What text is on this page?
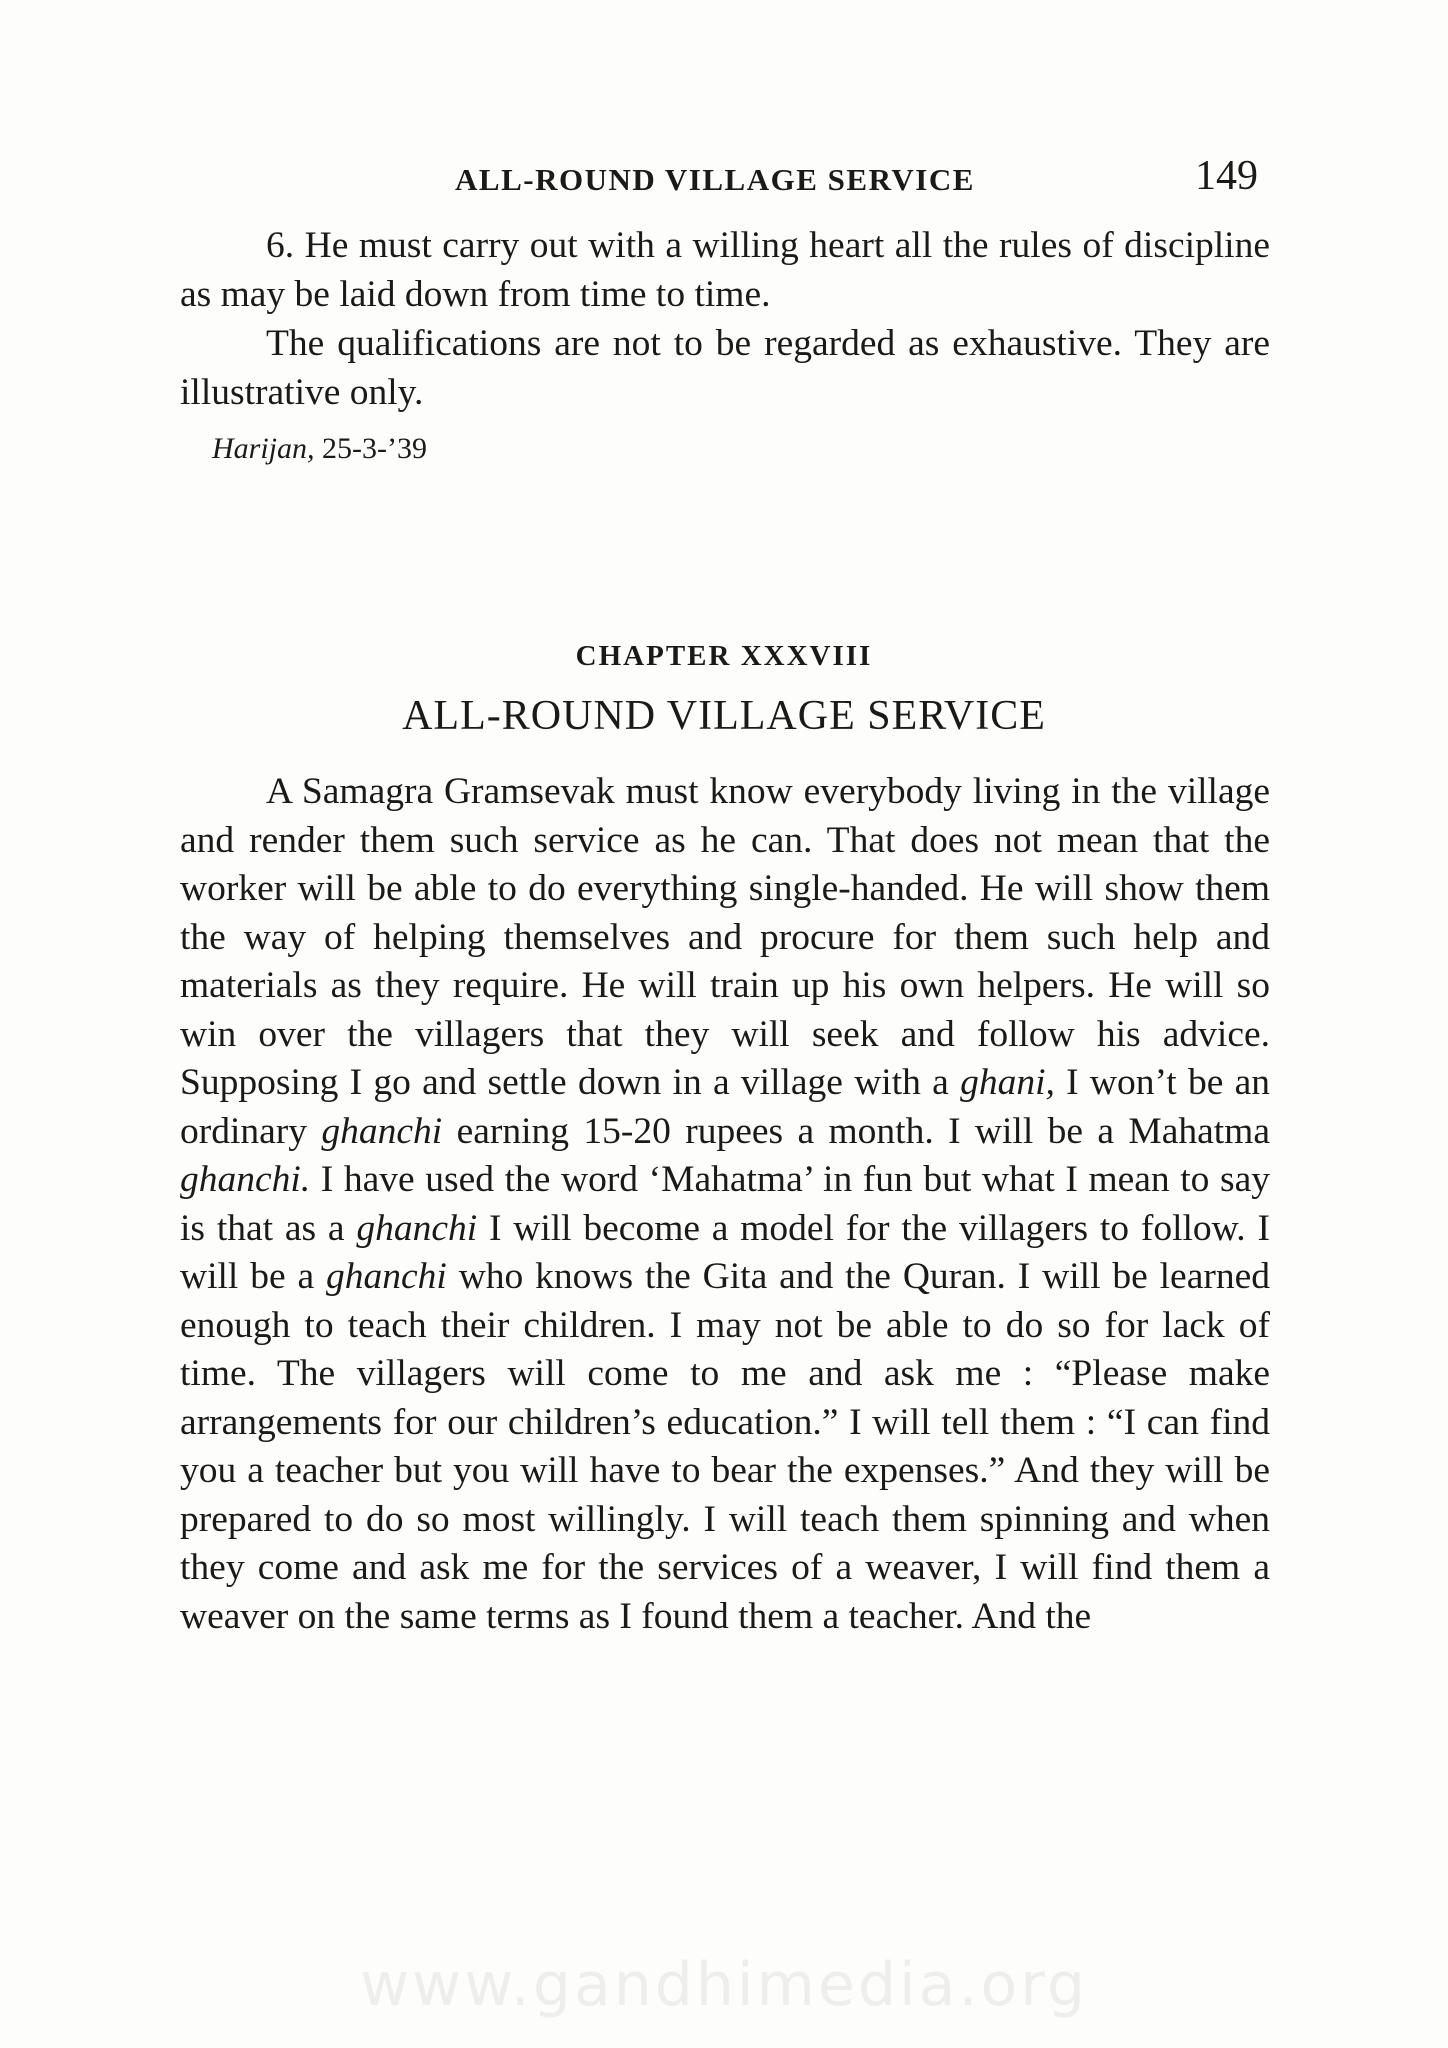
ALL-ROUND VILLAGE SERVICE	149

6. He must carry out with a willing heart all the rules of discipline as may be laid down from time to time.

The qualifications are not to be regarded as exhaustive. They are illustrative only.

Harijan, 25-3-’39
CHAPTER XXXVIII
ALL-ROUND VILLAGE SERVICE

A Samagra Gramsevak must know everybody living in the village and render them such service as he can. That does not mean that the worker will be able to do everything single-handed. He will show them the way of helping themselves and procure for them such help and materials as they require. He will train up his own helpers. He will so win over the villagers that they will seek and follow his advice. Supposing I go and settle down in a village with a ghani, I won’t be an ordinary ghanchi earning 15-20 rupees a month. I will be a Mahatma ghanchi. I have used the word ‘Mahatma’ in fun but what I mean to say is that as a ghanchi I will become a model for the villagers to follow. I will be a ghanchi who knows the Gita and the Quran. I will be learned enough to teach their children. I may not be able to do so for lack of time. The villagers will come to me and ask me : “Please make arrangements for our children’s education.” I will tell them : “I can find you a teacher but you will have to bear the expenses.” And they will be prepared to do so most willingly. I will teach them spinning and when they come and ask me for the services of a weaver, I will find them a weaver on the same terms as I found them a teacher. And the

www.gandhimedia.org
